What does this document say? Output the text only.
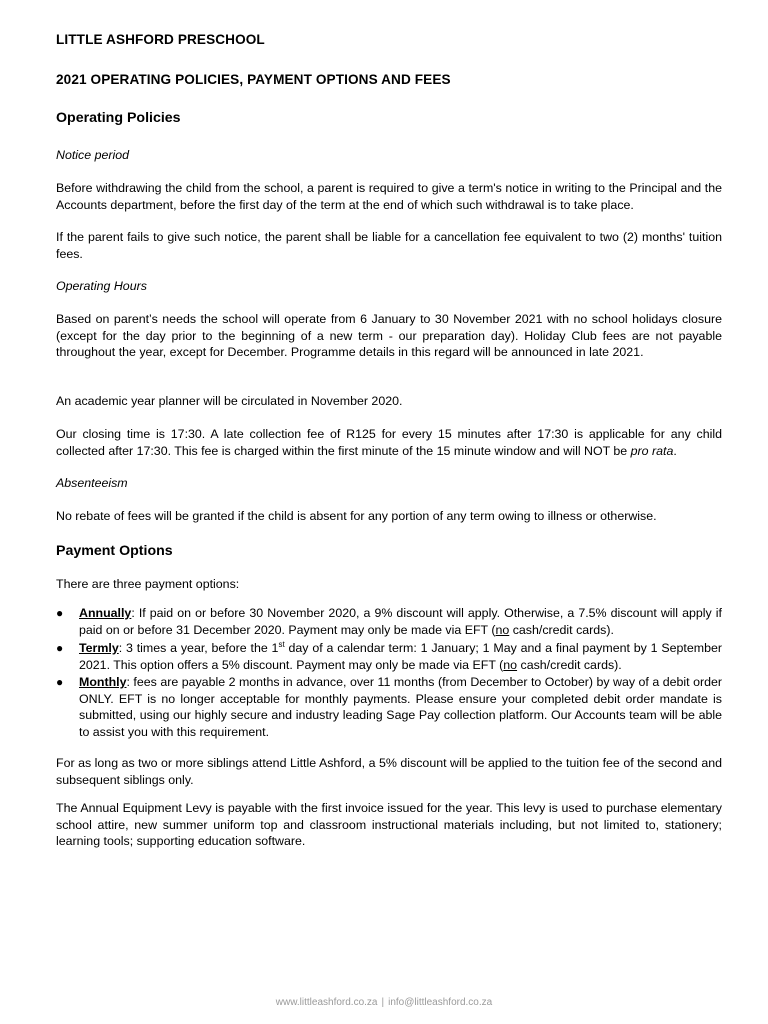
LITTLE ASHFORD PRESCHOOL
2021 OPERATING POLICIES, PAYMENT OPTIONS AND FEES
Operating Policies
Notice period
Before withdrawing the child from the school, a parent is required to give a term's notice in writing to the Principal and the Accounts department, before the first day of the term at the end of which such withdrawal is to take place.
If the parent fails to give such notice, the parent shall be liable for a cancellation fee equivalent to two (2) months' tuition fees.
Operating Hours
Based on parent’s needs the school will operate from 6 January to 30 November 2021 with no school holidays closure (except for the day prior to the beginning of a new term - our preparation day). Holiday Club fees are not payable throughout the year, except for December. Programme details in this regard will be announced in late 2021.
An academic year planner will be circulated in November 2020.
Our closing time is 17:30. A late collection fee of R125 for every 15 minutes after 17:30 is applicable for any child collected after 17:30. This fee is charged within the first minute of the 15 minute window and will NOT be pro rata.
Absenteeism
No rebate of fees will be granted if the child is absent for any portion of any term owing to illness or otherwise.
Payment Options
There are three payment options:
●	Annually: If paid on or before 30 November 2020, a 9% discount will apply. Otherwise, a 7.5% discount will apply if paid on or before 31 December 2020. Payment may only be made via EFT (no cash/credit cards).
●	Termly: 3 times a year, before the 1st day of a calendar term: 1 January; 1 May and a final payment by 1 September 2021. This option offers a 5% discount. Payment may only be made via EFT (no cash/credit cards).
●	Monthly: fees are payable 2 months in advance, over 11 months (from December to October) by way of a debit order ONLY. EFT is no longer acceptable for monthly payments. Please ensure your completed debit order mandate is submitted, using our highly secure and industry leading Sage Pay collection platform. Our Accounts team will be able to assist you with this requirement.
For as long as two or more siblings attend Little Ashford, a 5% discount will be applied to the tuition fee of the second and subsequent siblings only.
The Annual Equipment Levy is payable with the first invoice issued for the year. This levy is used to purchase elementary school attire, new summer uniform top and classroom instructional materials including, but not limited to, stationery; learning tools; supporting education software.
www.littleashford.co.za | info@littleashford.co.za
